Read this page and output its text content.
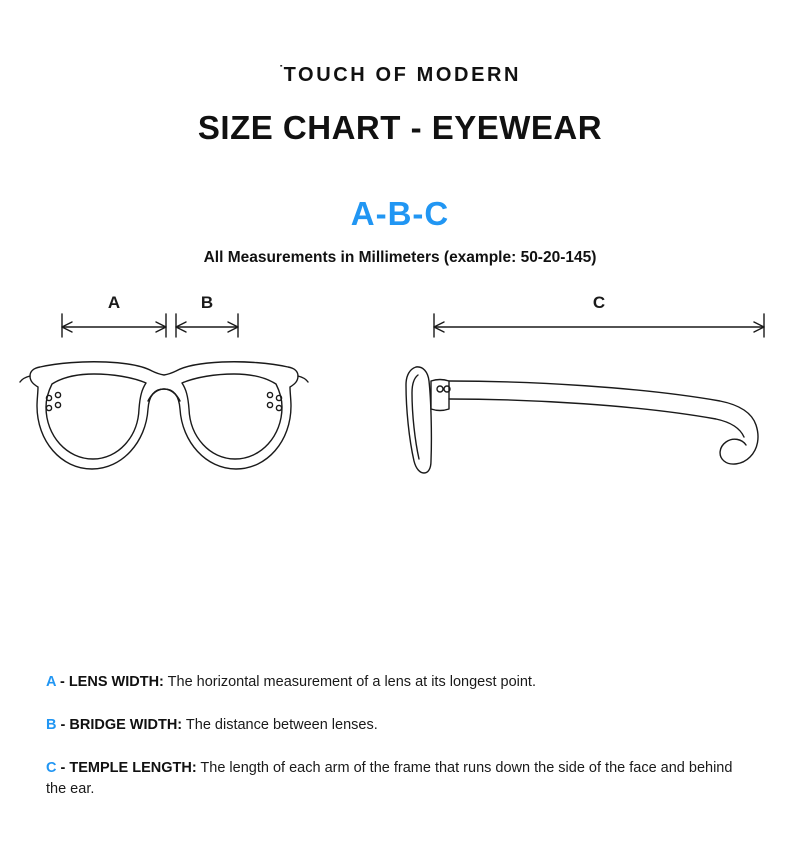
˙TOUCH OF MODERN
SIZE CHART - EYEWEAR
A-B-C
All Measurements in Millimeters (example: 50-20-145)
A	B	C
A - LENS WIDTH: The horizontal measurement of a lens at its longest point.
B - BRIDGE WIDTH: The distance between lenses.
C - TEMPLE LENGTH: The length of each arm of the frame that runs down the side of the face and behind the ear.
